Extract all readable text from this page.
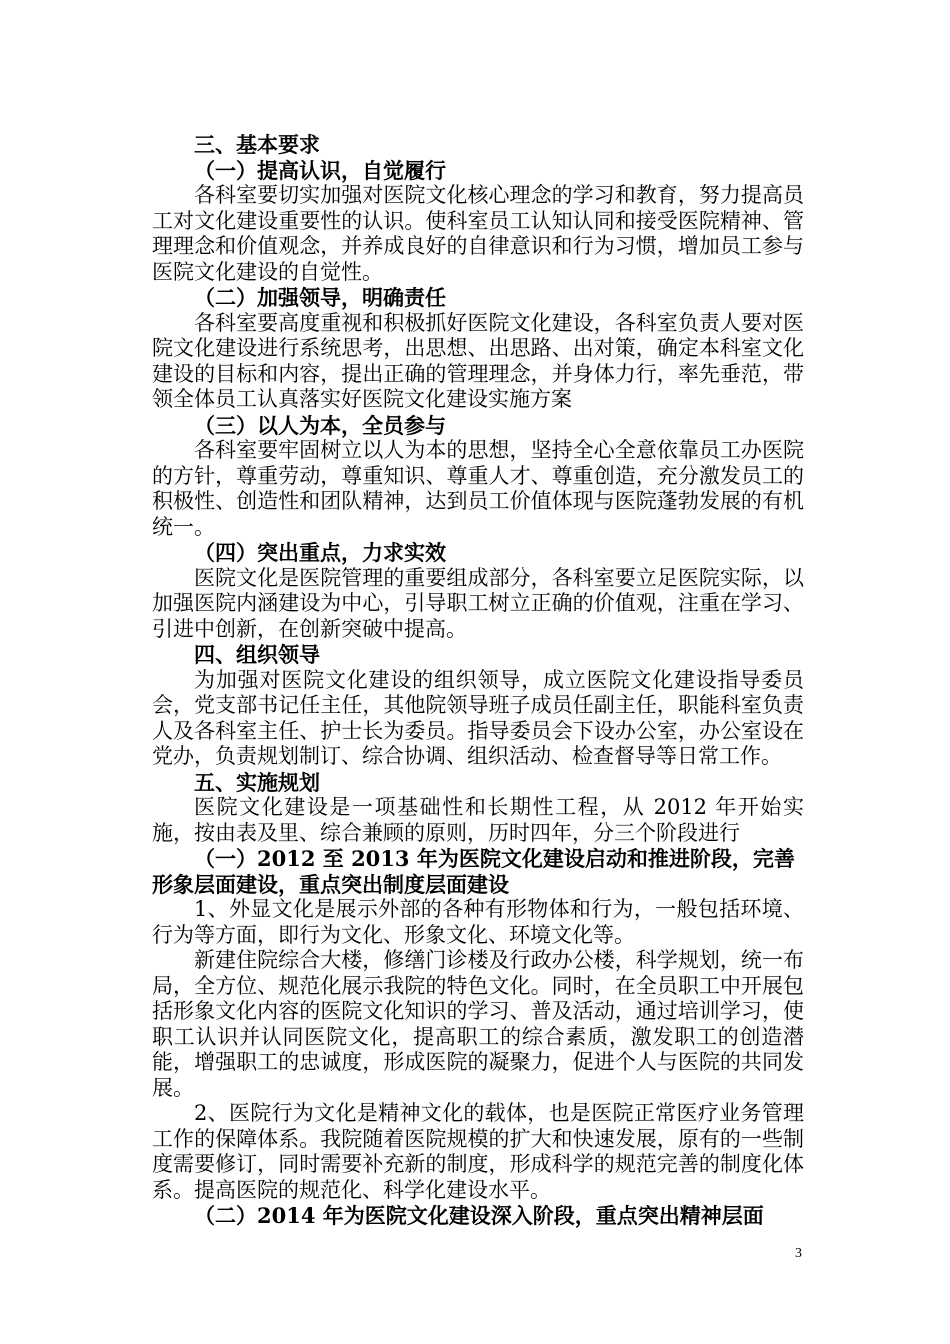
三、基本要求

（一）提高认识，自觉履行

各科室要切实加强对医院文化核心理念的学习和教育，努力提高员工对文化建设重要性的认识。使科室员工认知认同和接受医院精神、管理理念和价值观念，并养成良好的自律意识和行为习惯，增加员工参与医院文化建设的自觉性。

（二）加强领导，明确责任

各科室要高度重视和积极抓好医院文化建设，各科室负责人要对医院文化建设进行系统思考，出思想、出思路、出对策，确定本科室文化建设的目标和内容，提出正确的管理理念，并身体力行，率先垂范，带领全体员工认真落实好医院文化建设实施方案

（三）以人为本，全员参与

各科室要牢固树立以人为本的思想，坚持全心全意依靠员工办医院的方针，尊重劳动，尊重知识、尊重人才、尊重创造，充分激发员工的积极性、创造性和团队精神，达到员工价值体现与医院蓬勃发展的有机统一。

（四）突出重点，力求实效

医院文化是医院管理的重要组成部分，各科室要立足医院实际，以加强医院内涵建设为中心，引导职工树立正确的价值观，注重在学习、引进中创新，在创新突破中提高。

四、组织领导

为加强对医院文化建设的组织领导，成立医院文化建设指导委员会，党支部书记任主任，其他院领导班子成员任副主任，职能科室负责人及各科室主任、护士长为委员。指导委员会下设办公室，办公室设在党办，负责规划制订、综合协调、组织活动、检查督导等日常工作。

五、实施规划

医院文化建设是一项基础性和长期性工程，从 2012 年开始实施，按由表及里、综合兼顾的原则，历时四年，分三个阶段进行

（一）2012 至 2013 年为医院文化建设启动和推进阶段，完善形象层面建设，重点突出制度层面建设

1、外显文化是展示外部的各种有形物体和行为，一般包括环境、行为等方面，即行为文化、形象文化、环境文化等。

新建住院综合大楼，修缮门诊楼及行政办公楼，科学规划，统一布局，全方位、规范化展示我院的特色文化。同时，在全员职工中开展包括形象文化内容的医院文化知识的学习、普及活动，通过培训学习，使职工认识并认同医院文化，提高职工的综合素质，激发职工的创造潜能，增强职工的忠诚度，形成医院的凝聚力，促进个人与医院的共同发展。

2、医院行为文化是精神文化的载体，也是医院正常医疗业务管理工作的保障体系。我院随着医院规模的扩大和快速发展，原有的一些制度需要修订，同时需要补充新的制度，形成科学的规范完善的制度化体系。提高医院的规范化、科学化建设水平。

（二）2014 年为医院文化建设深入阶段，重点突出精神层面

3
